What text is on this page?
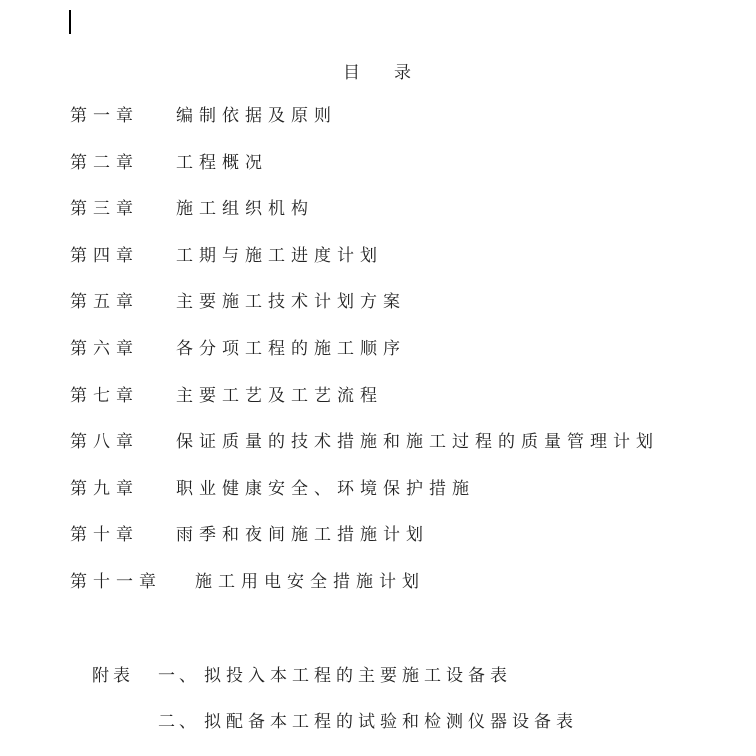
目　　录
第一章 编制依据及原则
第二章 工程概况
第三章 施工组织机构
第四章 工期与施工进度计划
第五章 主要施工技术计划方案
第六章 各分项工程的施工顺序
第七章 主要工艺及工艺流程
第八章 保证质量的技术措施和施工过程的质量管理计划
第九章 职业健康安全、环境保护措施
第十章 雨季和夜间施工措施计划
第十一章 施工用电安全措施计划
附表 一、 拟投入本工程的主要施工设备表
二、 拟配备本工程的试验和检测仪器设备表
